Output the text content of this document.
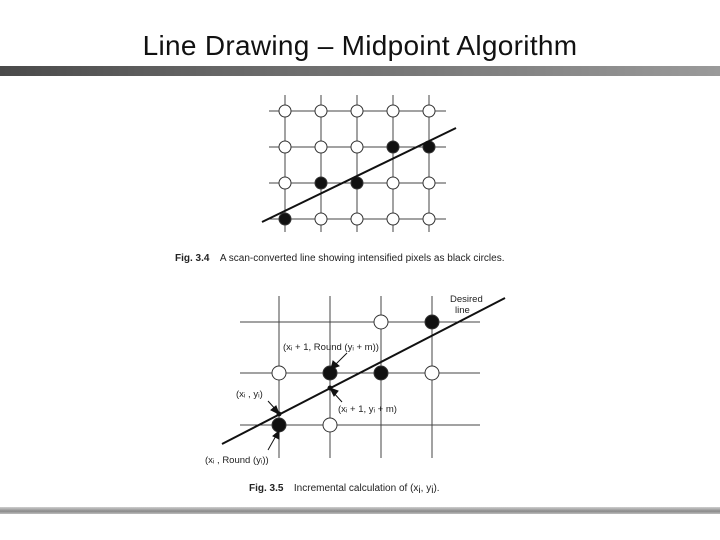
Line Drawing – Midpoint Algorithm
Fig. 3.4 A scan-converted line showing intensified pixels as black circles.
Desired
line
(xᵢ + 1, Round (yᵢ + m))
(xᵢ , yᵢ)
(xᵢ + 1, yᵢ + m)
(xᵢ , Round (yᵢ))
Fig. 3.5 Incremental calculation of (xi, yi).
